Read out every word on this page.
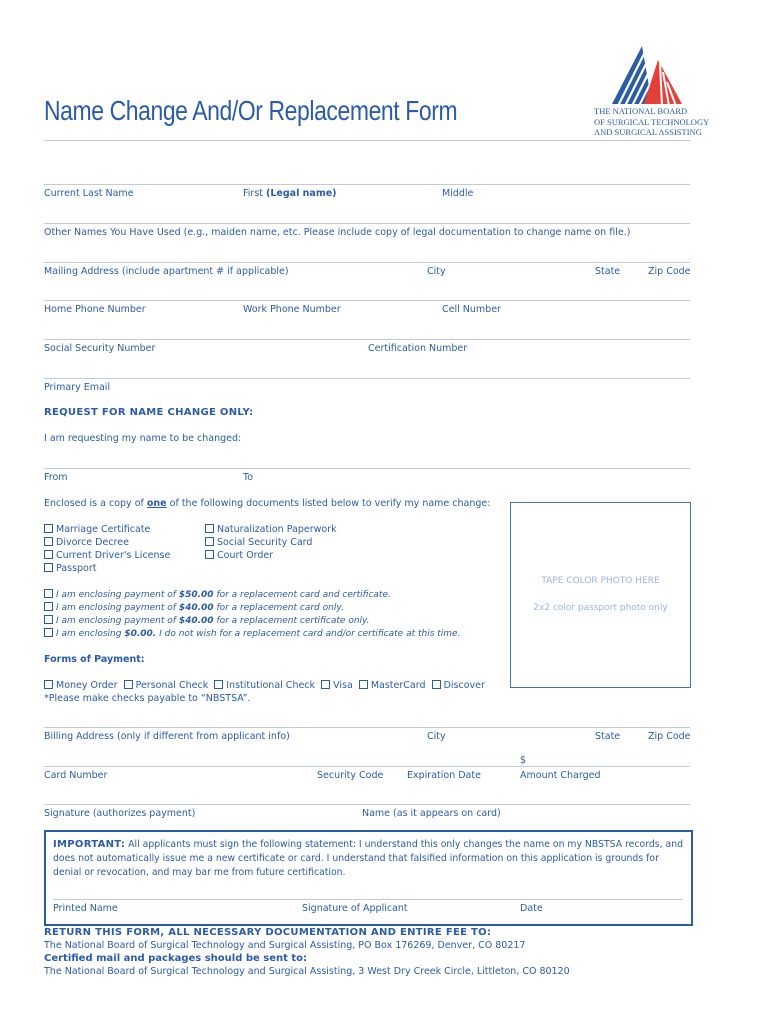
Name Change And/Or Replacement Form	THE NATIONAL BOARD
OF SURGICAL TECHNOLOGY
AND SURGICAL ASSISTING
Current Last Name	First (Legal name)	Middle
Other Names You Have Used (e.g., maiden name, etc. Please include copy of legal documentation to change name on file.)
Mailing Address (include apartment # if applicable)	City	State	Zip Code
Home Phone Number	Work Phone Number	Cell Number
Social Security Number	Certification Number
Primary Email
REQUEST FOR NAME CHANGE ONLY:
I am requesting my name to be changed:
From	To
Enclosed is a copy of one of the following documents listed below to verify my name change:
Marriage Certificate
Divorce Decree
Current Driver's License
Passport
Naturalization Paperwork
Social Security Card
Court Order
I am enclosing payment of $50.00 for a replacement card and certificate.
I am enclosing payment of $40.00 for a replacement card only.
I am enclosing payment of $40.00 for a replacement certificate only.
I am enclosing $0.00. I do not wish for a replacement card and/or certificate at this time.
TAPE COLOR PHOTO HERE
2x2 color passport photo only
Forms of Payment:
Money Order Personal Check Institutional Check Visa MasterCard Discover
*Please make checks payable to “NBSTSA”.
Billing Address (only if different from applicant info)	City	State	Zip Code
$
Card Number	Security Code Expiration Date	Amount Charged
Signature (authorizes payment)	Name (as it appears on card)
IMPORTANT: All applicants must sign the following statement: I understand this only changes the name on my NBSTSA records, and does not automatically issue me a new certificate or card. I understand that falsified information on this application is grounds for denial or revocation, and may bar me from future certification.
Printed Name	Signature of Applicant	Date
RETURN THIS FORM, ALL NECESSARY DOCUMENTATION AND ENTIRE FEE TO:
The National Board of Surgical Technology and Surgical Assisting, PO Box 176269, Denver, CO 80217
Certified mail and packages should be sent to:
The National Board of Surgical Technology and Surgical Assisting, 3 West Dry Creek Circle, Littleton, CO 80120
